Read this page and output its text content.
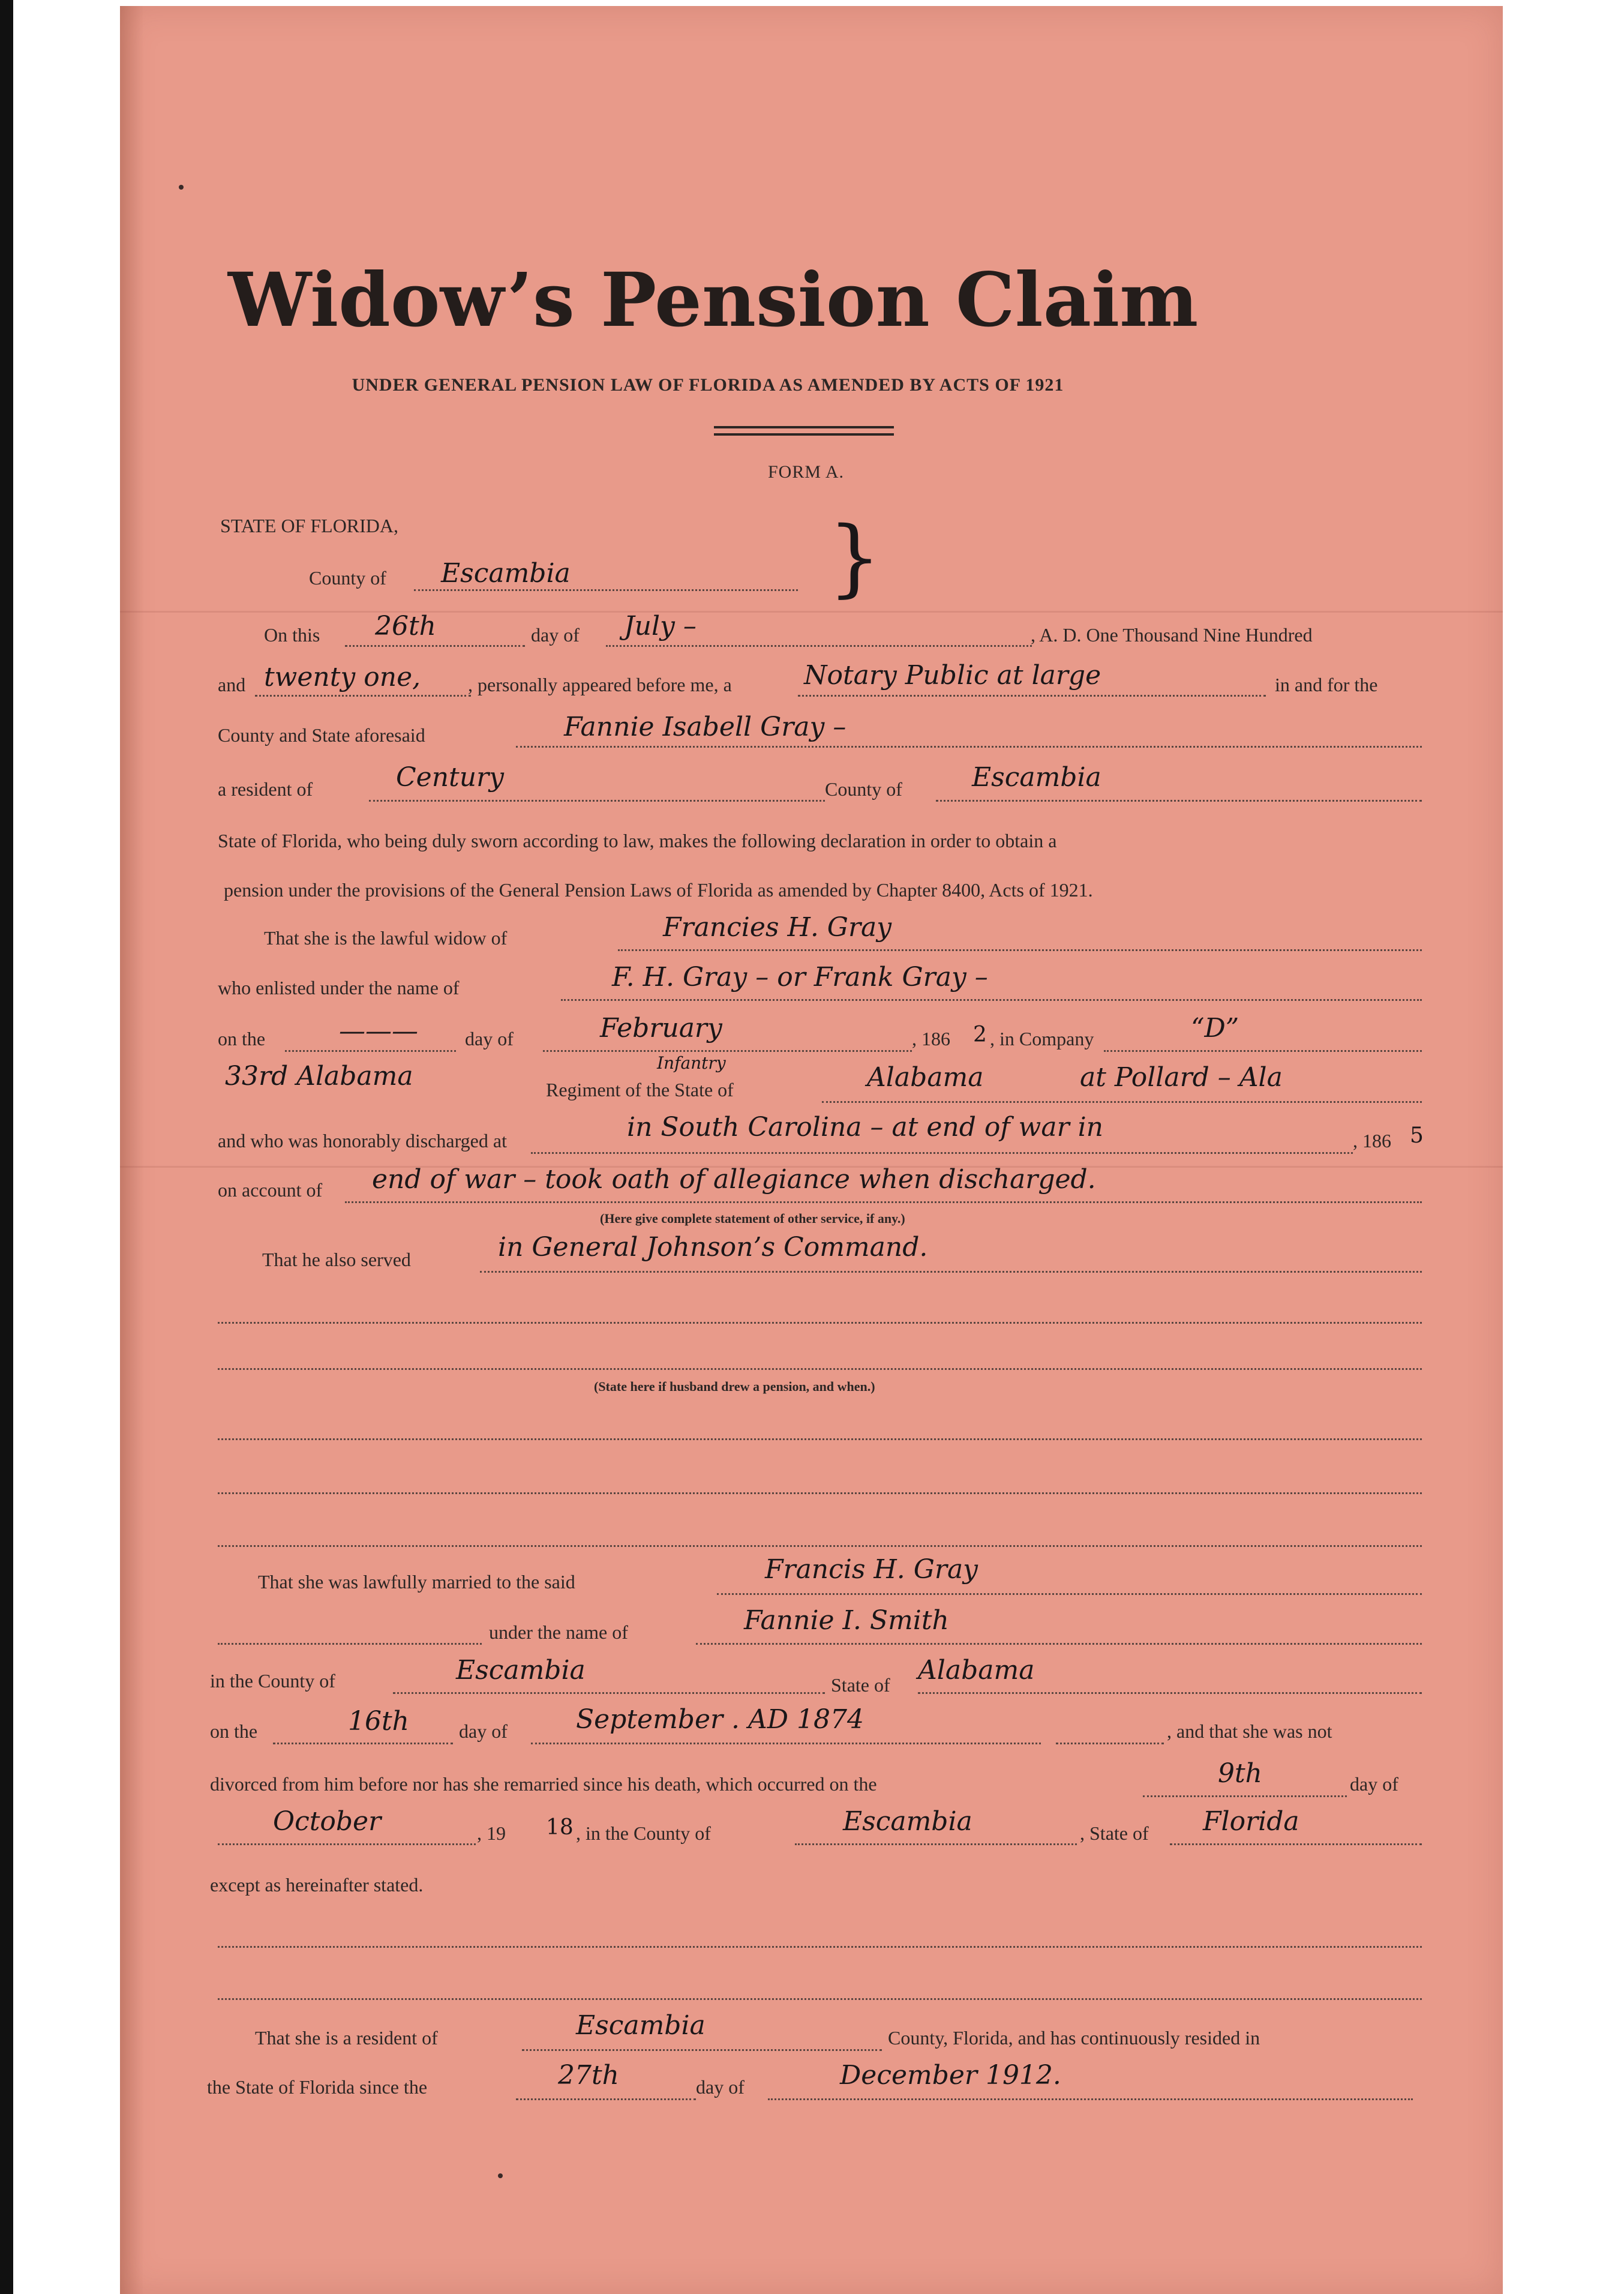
Widow’s Pension Claim
UNDER GENERAL PENSION LAW OF FLORIDA AS AMENDED BY ACTS OF 1921
FORM A.
STATE OF FLORIDA,
County of Escambia	}
On this 26th	day of July –	, A. D. One Thousand Nine Hundred
and twenty one, , personally appeared before me, a	Notary Public at large	in and for the
County and State aforesaid	Fannie Isabell Gray –
a resident of	Century	County of	Escambia
State of Florida, who being duly sworn according to law, makes the following declaration in order to obtain a
pension under the provisions of the General Pension Laws of Florida as amended by Chapter 8400, Acts of 1921.
That she is the lawful widow of	Francies H. Gray
who enlisted under the name of	F. H. Gray – or Frank Gray –
on the	——— day of	February	, 186 2 , in Company	“D”
33rd Alabama	Infantry
Regiment of the State of	Alabama	at Pollard – Ala
and who was honorably discharged at	in South Carolina – at end of war in	, 186 5
on account of end of war – took oath of allegiance when discharged.
(Here give complete statement of other service, if any.)
That he also served	in General Johnson’s Command.
(State here if husband drew a pension, and when.)
That she was lawfully married to the said	Francis H. Gray
under the name of	Fannie I. Smith
in the County of	Escambia	State of Alabama
on the	16th	day of	September . AD 1874	, and that she was not
divorced from him before nor has she remarried since his death, which occurred on the	9th	day of
October	, 19 18 , in the County of	Escambia	, State of Florida
except as hereinafter stated.
That she is a resident of	Escambia	County, Florida, and has continuously resided in
the State of Florida since the	27th	day of	December 1912.
